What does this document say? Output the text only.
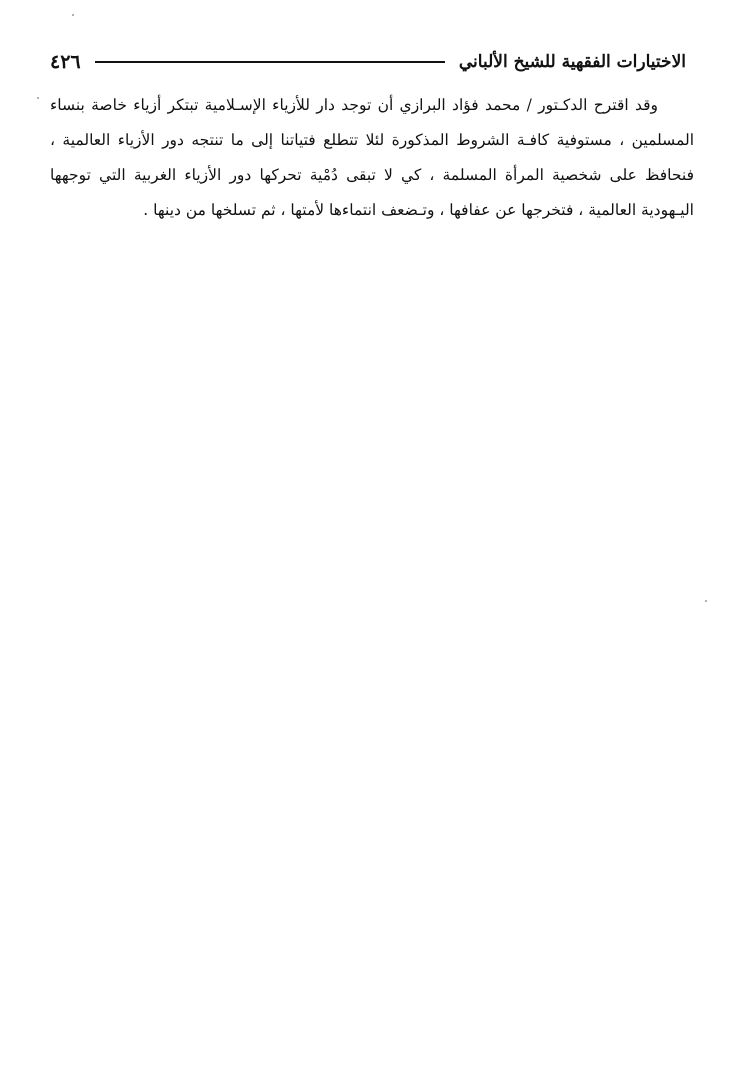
الاختيارات الفقهية للشيخ الألباني
٤٢٦

وقد اقترح الدكـتور / محمد فؤاد البرازي أن توجد دار للأزياء الإسـلامية تبتكر أزياء خاصة بنساء المسلمين ، مستوفية كافـة الشروط المذكورة لئلا تتطلع فتياتنا إلى ما تنتجه دور الأزياء العالمية ، فنحافظ على شخصية المرأة المسلمة ، كي لا تبقى دُمْية تحركها دور الأزياء الغربية التي توجهها اليـهودية العالمية ، فتخرجها عن عفافها ، وتـضعف انتماءها لأمتها ، ثم تسلخها من دينها .
